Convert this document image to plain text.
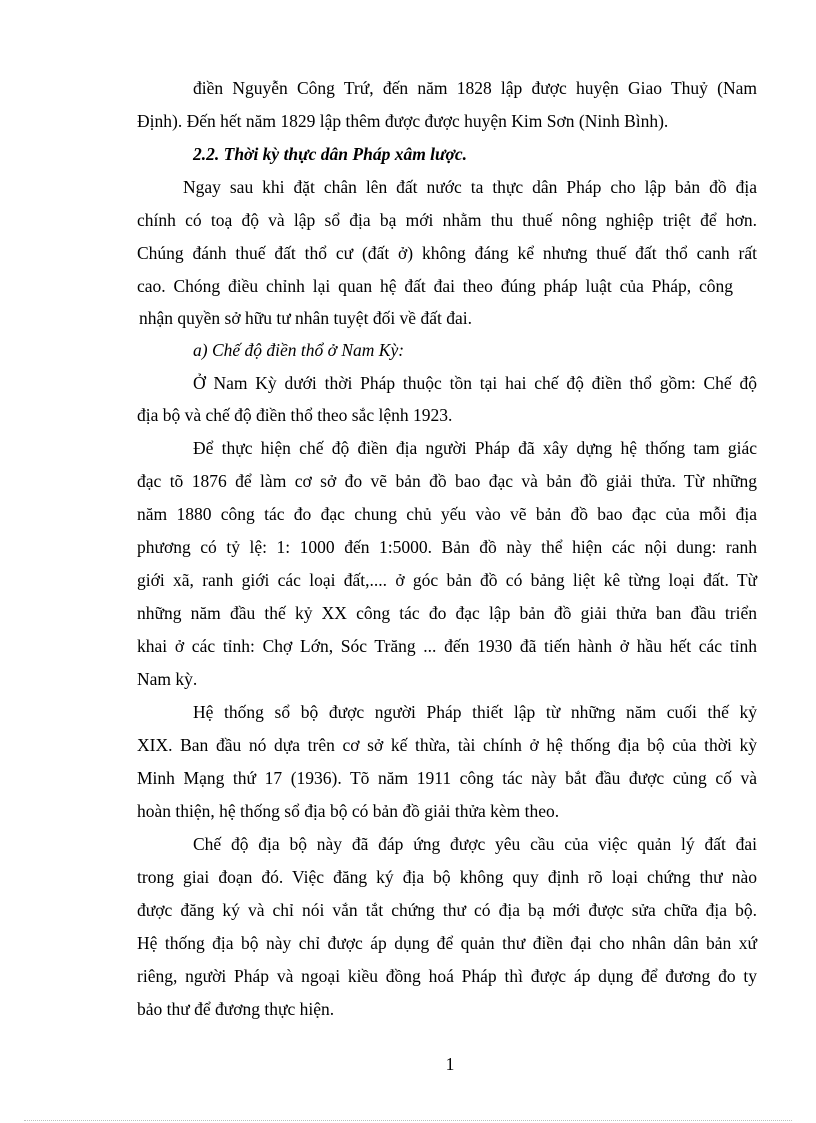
điền Nguyễn Công Trứ, đến năm 1828 lập được huyện Giao Thuỷ (Nam
Định). Đến hết năm 1829 lập thêm được được huyện Kim Sơn (Ninh Bình).
2.2. Thời kỳ thực dân Pháp xâm lược.
Ngay sau khi đặt chân lên đất nước ta thực dân Pháp cho lập bản đồ địa
chính có toạ độ và lập sổ địa bạ mới nhằm thu thuế nông nghiệp triệt để hơn.
Chúng đánh thuế đất thổ cư (đất ở) không đáng kể nhưng thuế đất thổ canh rất
cao. Chóng điều chỉnh lại quan hệ đất đai theo đúng pháp luật của Pháp, công
nhận quyền sở hữu tư nhân tuyệt đối về đất đai.
a) Chế độ điền thổ ở Nam Kỳ:
Ở Nam Kỳ dưới thời Pháp thuộc tồn tại hai chế độ điền thổ gồm: Chế độ
địa bộ và chế độ điền thổ theo sắc lệnh 1923.
Để thực hiện chế độ điền địa người Pháp đã xây dựng hệ thống tam giác
đạc tõ 1876 để làm cơ sở đo vẽ bản đồ bao đạc và bản đồ giải thửa. Từ những
năm 1880 công tác đo đạc chung chủ yếu vào vẽ bản đồ bao đạc của mỗi địa
phương có tỷ lệ: 1: 1000 đến 1:5000. Bản đồ này thể hiện các nội dung: ranh
giới xã, ranh giới các loại đất,.... ở góc bản đồ có bảng liệt kê từng loại đất. Từ
những năm đầu thế kỷ XX công tác đo đạc lập bản đồ giải thửa ban đầu triển
khai ở các tỉnh: Chợ Lớn, Sóc Trăng ... đến 1930 đã tiến hành ở hầu hết các tỉnh
Nam kỳ.
Hệ thống sổ bộ được người Pháp thiết lập từ những năm cuối thế kỷ
XIX. Ban đầu nó dựa trên cơ sở kế thừa, tài chính ở hệ thống địa bộ của thời kỳ
Minh Mạng thứ 17 (1936). Tõ năm 1911 công tác này bắt đầu được củng cố và
hoàn thiện, hệ thống sổ địa bộ có bản đồ giải thửa kèm theo.
Chế độ địa bộ này đã đáp ứng được yêu cầu của việc quản lý đất đai
trong giai đoạn đó. Việc đăng ký địa bộ không quy định rõ loại chứng thư nào
được đăng ký và chỉ nói vắn tắt chứng thư có địa bạ mới được sửa chữa địa bộ.
Hệ thống địa bộ này chỉ được áp dụng để quản thư điền đại cho nhân dân bản xứ
riêng, người Pháp và ngoại kiều đồng hoá Pháp thì được áp dụng để đương đo ty
bảo thư để đương thực hiện.
1
